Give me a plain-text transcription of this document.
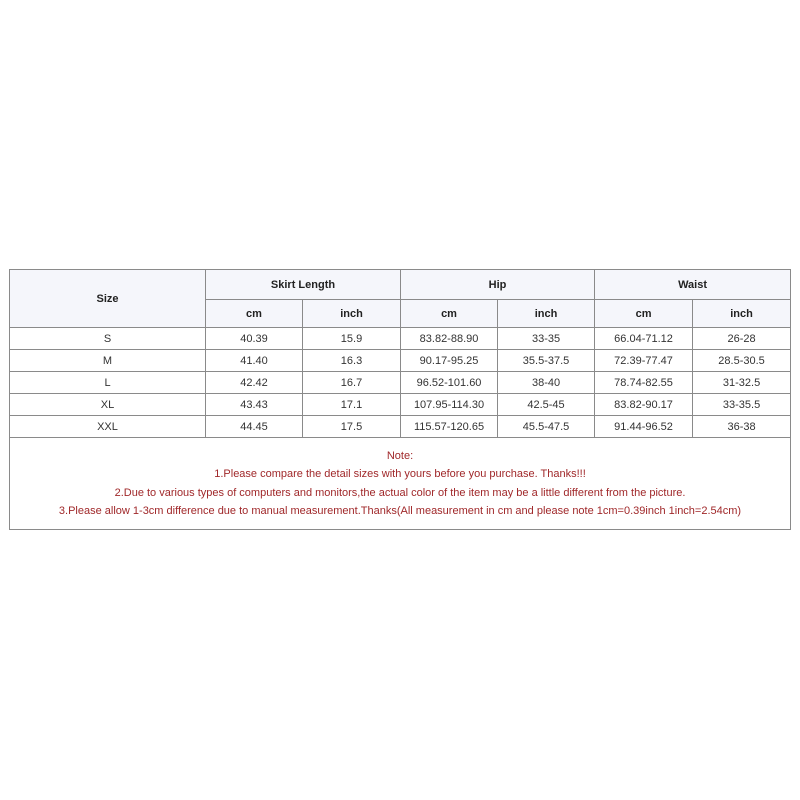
Size	Skirt Length		Hip		Waist	
	cm	inch	cm	inch	cm	inch
S	40.39	15.9	83.82-88.90	33-35	66.04-71.12	26-28
M	41.40	16.3	90.17-95.25	35.5-37.5	72.39-77.47	28.5-30.5
L	42.42	16.7	96.52-101.60	38-40	78.74-82.55	31-32.5
XL	43.43	17.1	107.95-114.30	42.5-45	83.82-90.17	33-35.5
XXL	44.45	17.5	115.57-120.65	45.5-47.5	91.44-96.52	36-38

Note:
1.Please compare the detail sizes with yours before you purchase. Thanks!!!
2.Due to various types of computers and monitors,the actual color of the item may be a little different from the picture.
3.Please allow 1-3cm difference due to manual measurement.Thanks(All measurement in cm and please note 1cm=0.39inch 1inch=2.54cm)						
